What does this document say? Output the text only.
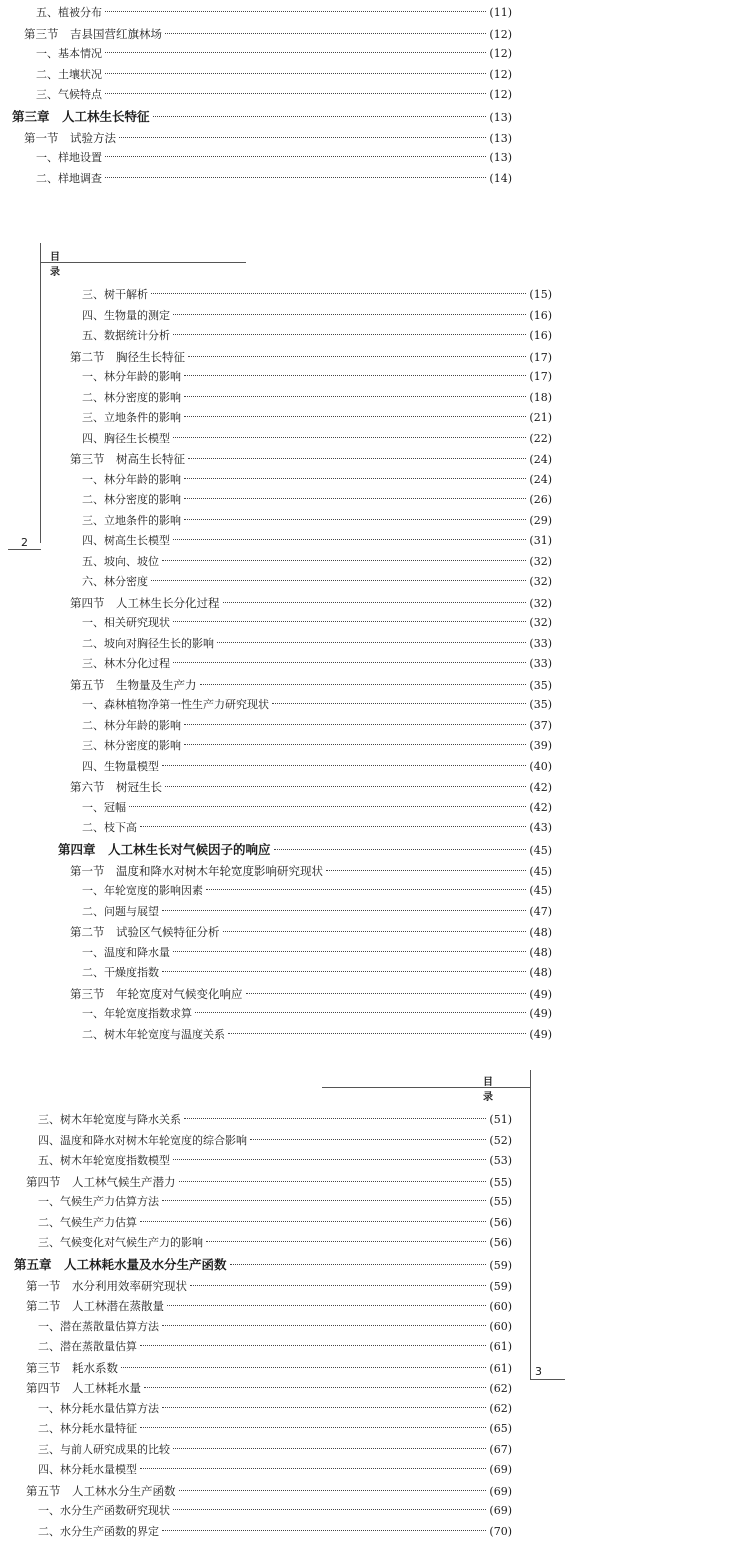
五、植被分布	(11)
第三节　吉县国营红旗林场	(12)
一、基本情况	(12)
二、土壤状况	(12)
三、气候特点	(12)
第三章　人工林生长特征	(13)
第一节　试验方法	(13)
一、样地设置	(13)
二、样地调查	(14)
目 录
2
三、树干解析	(15)
四、生物量的测定	(16)
五、数据统计分析	(16)
第二节　胸径生长特征	(17)
一、林分年龄的影响	(17)
二、林分密度的影响	(18)
三、立地条件的影响	(21)
四、胸径生长模型	(22)
第三节　树高生长特征	(24)
一、林分年龄的影响	(24)
二、林分密度的影响	(26)
三、立地条件的影响	(29)
四、树高生长模型	(31)
五、坡向、坡位	(32)
六、林分密度	(32)
第四节　人工林生长分化过程	(32)
一、相关研究现状	(32)
二、坡向对胸径生长的影响	(33)
三、林木分化过程	(33)
第五节　生物量及生产力	(35)
一、森林植物净第一性生产力研究现状	(35)
二、林分年龄的影响	(37)
三、林分密度的影响	(39)
四、生物量模型	(40)
第六节　树冠生长	(42)
一、冠幅	(42)
二、枝下高	(43)
第四章　人工林生长对气候因子的响应	(45)
第一节　温度和降水对树木年轮宽度影响研究现状	(45)
一、年轮宽度的影响因素	(45)
二、问题与展望	(47)
第二节　试验区气候特征分析	(48)
一、温度和降水量	(48)
二、干燥度指数	(48)
第三节　年轮宽度对气候变化响应	(49)
一、年轮宽度指数求算	(49)
二、树木年轮宽度与温度关系	(49)
目 录
3
三、树木年轮宽度与降水关系	(51)
四、温度和降水对树木年轮宽度的综合影响	(52)
五、树木年轮宽度指数模型	(53)
第四节　人工林气候生产潜力	(55)
一、气候生产力估算方法	(55)
二、气候生产力估算	(56)
三、气候变化对气候生产力的影响	(56)
第五章　人工林耗水量及水分生产函数	(59)
第一节　水分利用效率研究现状	(59)
第二节　人工林潜在蒸散量	(60)
一、潜在蒸散量估算方法	(60)
二、潜在蒸散量估算	(61)
第三节　耗水系数	(61)
第四节　人工林耗水量	(62)
一、林分耗水量估算方法	(62)
二、林分耗水量特征	(65)
三、与前人研究成果的比较	(67)
四、林分耗水量模型	(69)
第五节　人工林水分生产函数	(69)
一、水分生产函数研究现状	(69)
二、水分生产函数的界定	(70)
